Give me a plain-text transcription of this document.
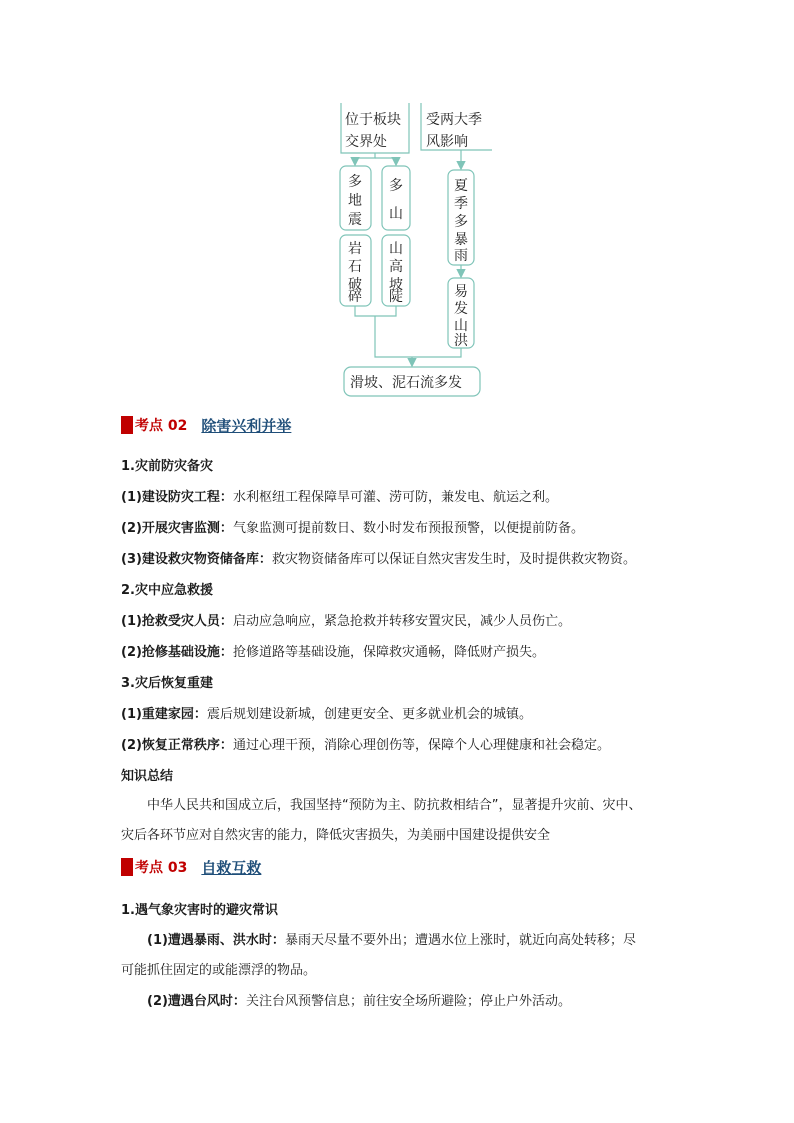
位于板块
交界处
受两大季
风影响
多
地
震
多
山
岩
石
破
碎
山
高
坡
陡
夏
季
多
暴
雨
易
发
山
洪
滑坡、泥石流多发
考点 02 除害兴利并举
1.灾前防灾备灾
(1)建设防灾工程：水利枢纽工程保障旱可灌、涝可防，兼发电、航运之利。
(2)开展灾害监测：气象监测可提前数日、数小时发布预报预警，以便提前防备。
(3)建设救灾物资储备库：救灾物资储备库可以保证自然灾害发生时，及时提供救灾物资。
2.灾中应急救援
(1)抢救受灾人员：启动应急响应，紧急抢救并转移安置灾民，减少人员伤亡。
(2)抢修基础设施：抢修道路等基础设施，保障救灾通畅，降低财产损失。
3.灾后恢复重建
(1)重建家园：震后规划建设新城，创建更安全、更多就业机会的城镇。
(2)恢复正常秩序：通过心理干预，消除心理创伤等，保障个人心理健康和社会稳定。
知识总结
中华人民共和国成立后，我国坚持“预防为主、防抗救相结合”，显著提升灾前、灾中、
灾后各环节应对自然灾害的能力，降低灾害损失，为美丽中国建设提供安全
考点 03 自救互救
1.遇气象灾害时的避灾常识
(1)遭遇暴雨、洪水时：暴雨天尽量不要外出；遭遇水位上涨时，就近向高处转移；尽
可能抓住固定的或能漂浮的物品。
(2)遭遇台风时：关注台风预警信息；前往安全场所避险；停止户外活动。
